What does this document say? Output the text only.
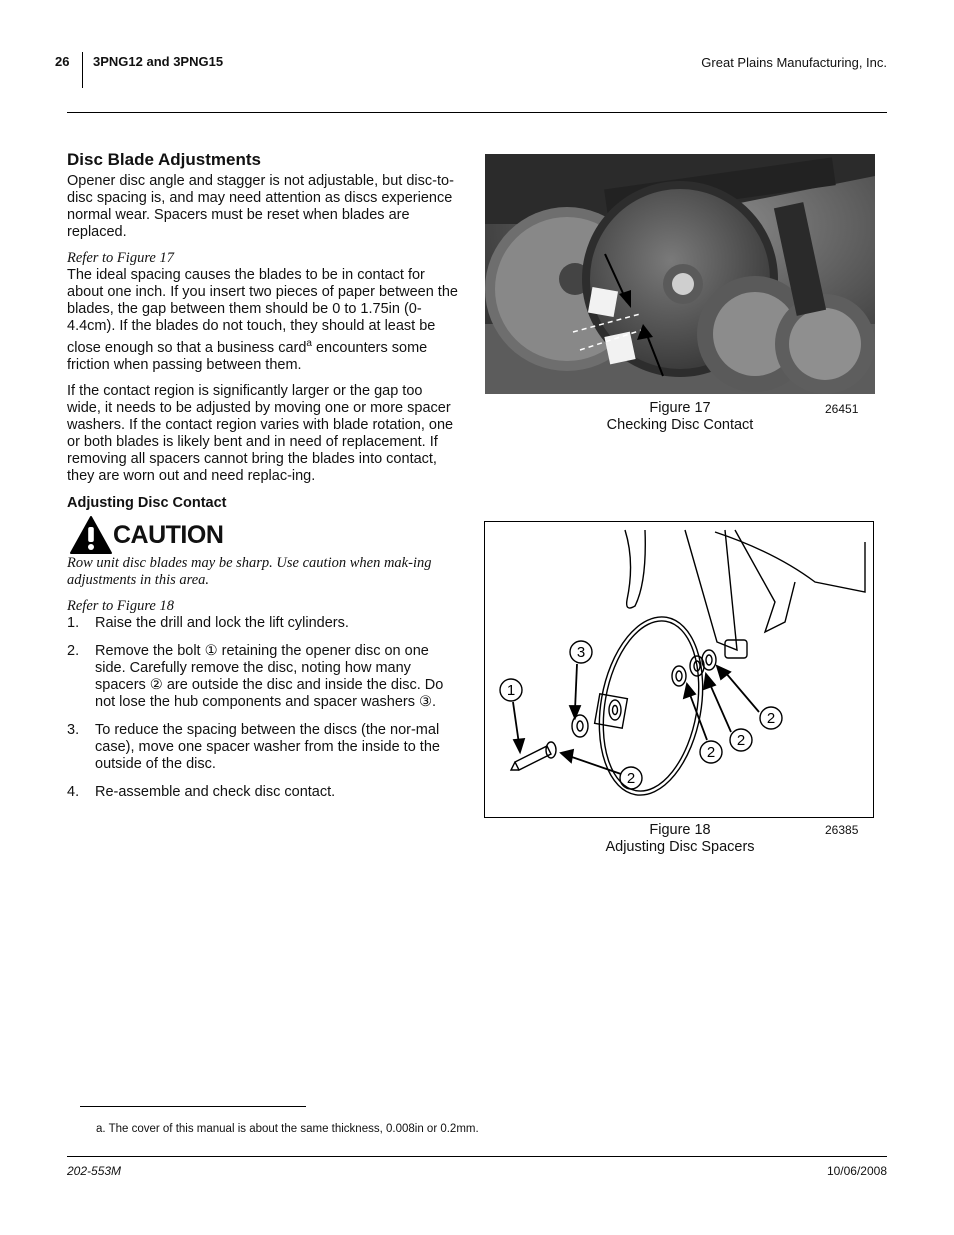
26 3PNG12 and 3PNG15	Great Plains Manufacturing, Inc.
Disc Blade Adjustments

Opener disc angle and stagger is not adjustable, but disc-to-disc spacing is, and may need attention as discs experience normal wear. Spacers must be reset when blades are replaced.

Refer to Figure 17

The ideal spacing causes the blades to be in contact for about one inch. If you insert two pieces of paper between the blades, the gap between them should be 0 to 1.75in (0-4.4cm). If the blades do not touch, they should at least be close enough so that a business card$^a$ encounters some friction when passing between them.

If the contact region is significantly larger or the gap too wide, it needs to be adjusted by moving one or more spacer washers. If the contact region varies with blade rotation, one or both blades is likely bent and in need of replacement. If removing all spacers cannot bring the blades into contact, they are worn out and need replac-ing.

Adjusting Disc Contact
CAUTION

Row unit disc blades may be sharp. Use caution when mak-ing adjustments in this area.

Refer to Figure 18

1. Raise the drill and lock the lift cylinders.
2. Remove the bolt ① retaining the opener disc on one side. Carefully remove the disc, noting how many spacers ② are outside the disc and inside the disc. Do not lose the hub components and spacer washers ③.
3. To reduce the spacing between the discs (the nor-mal case), move one spacer washer from the inside to the outside of the disc.
4. Re-assemble and check disc contact.
Figure 17
Checking Disc Contact
26451
3
1
2
2
2
2
Figure 18
Adjusting Disc Spacers
26385
a. The cover of this manual is about the same thickness, 0.008in or 0.2mm.
202-553M	10/06/2008
